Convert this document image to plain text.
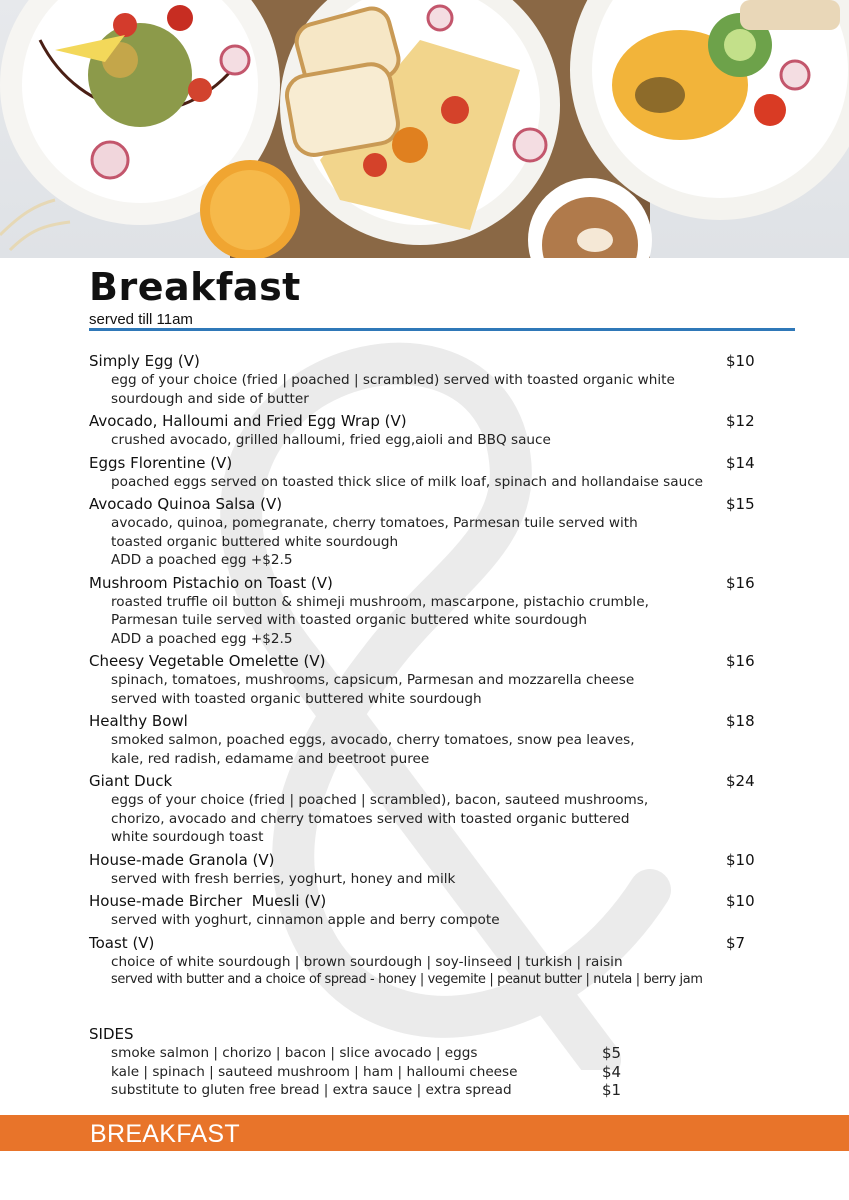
Breakfast
served till 11am
Simply Egg (V)	$10
egg of your choice (fried | poached | scrambled) served with toasted organic white
sourdough and side of butter
Avocado, Halloumi and Fried Egg Wrap (V)	$12
crushed avocado, grilled halloumi, fried egg,aioli and BBQ sauce
Eggs Florentine (V)	$14
poached eggs served on toasted thick slice of milk loaf, spinach and hollandaise sauce
Avocado Quinoa Salsa (V)	$15
avocado, quinoa, pomegranate, cherry tomatoes, Parmesan tuile served with
toasted organic buttered white sourdough
ADD a poached egg +$2.5
Mushroom Pistachio on Toast (V)	$16
roasted truffle oil button & shimeji mushroom, mascarpone, pistachio crumble,
Parmesan tuile served with toasted organic buttered white sourdough
ADD a poached egg +$2.5
Cheesy Vegetable Omelette (V)	$16
spinach, tomatoes, mushrooms, capsicum, Parmesan and mozzarella cheese
served with toasted organic buttered white sourdough
Healthy Bowl	$18
smoked salmon, poached eggs, avocado, cherry tomatoes, snow pea leaves,
kale, red radish, edamame and beetroot puree
Giant Duck	$24
eggs of your choice (fried | poached | scrambled), bacon, sauteed mushrooms,
chorizo, avocado and cherry tomatoes served with toasted organic buttered
white sourdough toast
House-made Granola (V)	$10
served with fresh berries, yoghurt, honey and milk
House-made Bircher  Muesli (V)	$10
served with yoghurt, cinnamon apple and berry compote
Toast (V)	$7
choice of white sourdough | brown sourdough | soy-linseed | turkish | raisin
served with butter and a choice of spread - honey | vegemite | peanut butter | nutela | berry jam
SIDES
smoke salmon | chorizo | bacon | slice avocado | eggs	$5
kale | spinach | sauteed mushroom | ham | halloumi cheese	$4
substitute to gluten free bread | extra sauce | extra spread	$1
BREAKFAST
